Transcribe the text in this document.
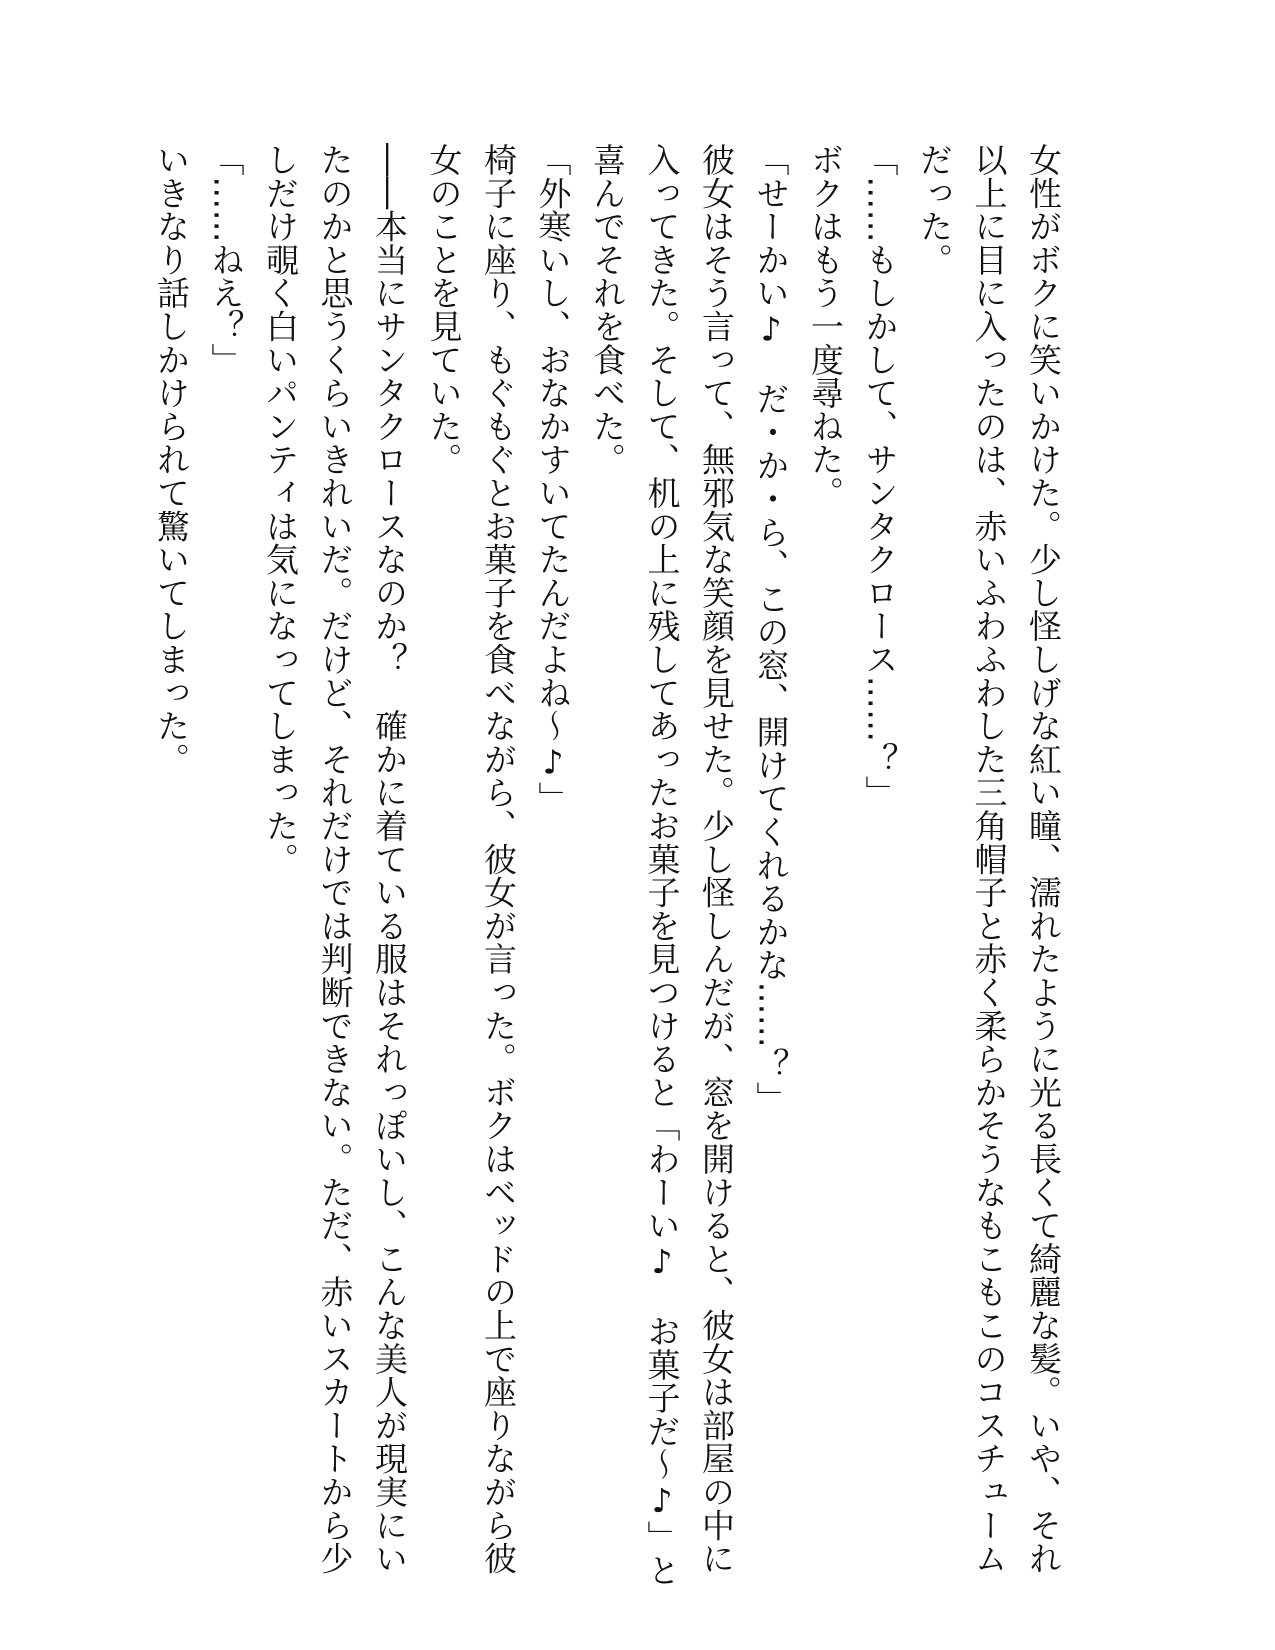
女性がボクに笑いかけた。少し怪しげな紅い瞳、濡れたように光る長くて綺麗な髪。いや、それ

以上に目に入ったのは、赤いふわふわした三角帽子と赤く柔らかそうなもこもこのコスチューム

だった。

「……もしかして、サンタクロース……？」

ボクはもう一度尋ねた。

「せーかい♪　だ・か・ら、この窓、開けてくれるかな……？」

彼女はそう言って、無邪気な笑顔を見せた。少し怪しんだが、窓を開けると、彼女は部屋の中に

入ってきた。そして、机の上に残してあったお菓子を見つけると「わーい♪　お菓子だ～♪」と

喜んでそれを食べた。

「外寒いし、おなかすいてたんだよね～♪」

椅子に座り、もぐもぐとお菓子を食べながら、彼女が言った。ボクはベッドの上で座りながら彼

女のことを見ていた。

――本当にサンタクロースなのか？　確かに着ている服はそれっぽいし、こんな美人が現実にい

たのかと思うくらいきれいだ。だけど、それだけでは判断できない。ただ、赤いスカートから少

しだけ覗く白いパンティは気になってしまった。

「……ねえ？」

いきなり話しかけられて驚いてしまった。
